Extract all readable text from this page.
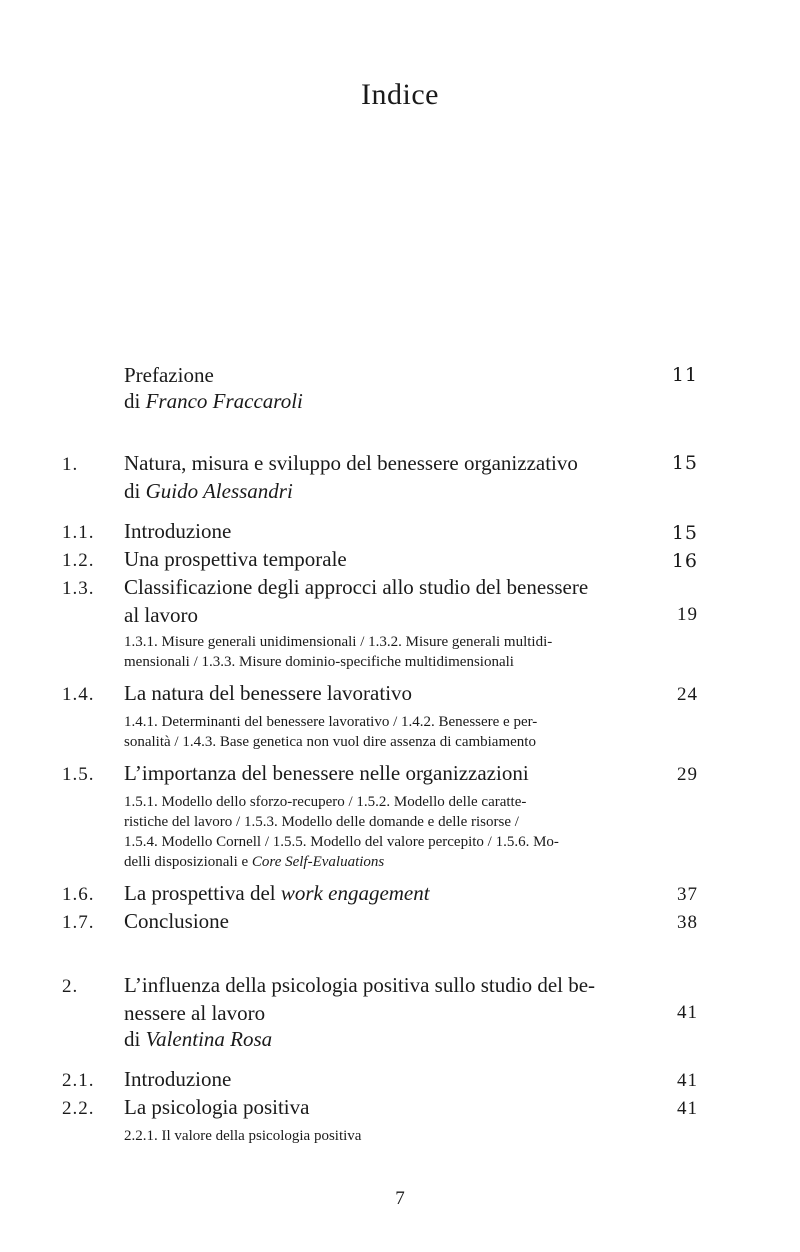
Indice
Prefazione
di Franco Fraccaroli
11
1.	Natura, misura e sviluppo del benessere organizzativo
di Guido Alessandri
15
1.1.	Introduzione	15
1.2.	Una prospettiva temporale	16
1.3.	Classificazione degli approcci allo studio del benessere
al lavoro	19
1.3.1. Misure generali unidimensionali / 1.3.2. Misure generali multidi-
mensionali / 1.3.3. Misure dominio-specifiche multidimensionali
1.4.	La natura del benessere lavorativo	24
1.4.1. Determinanti del benessere lavorativo / 1.4.2. Benessere e per-
sonalità / 1.4.3. Base genetica non vuol dire assenza di cambiamento
1.5.	L’importanza del benessere nelle organizzazioni	29
1.5.1. Modello dello sforzo-recupero / 1.5.2. Modello delle caratte-
ristiche del lavoro / 1.5.3. Modello delle domande e delle risorse /
1.5.4. Modello Cornell / 1.5.5. Modello del valore percepito / 1.5.6. Mo-
delli disposizionali e Core Self-Evaluations
1.6.	La prospettiva del work engagement	37
1.7.	Conclusione	38
2.	L’influenza della psicologia positiva sullo studio del be-
nessere al lavoro	41
di Valentina Rosa
2.1.	Introduzione	41
2.2.	La psicologia positiva	41
2.2.1. Il valore della psicologia positiva
7
